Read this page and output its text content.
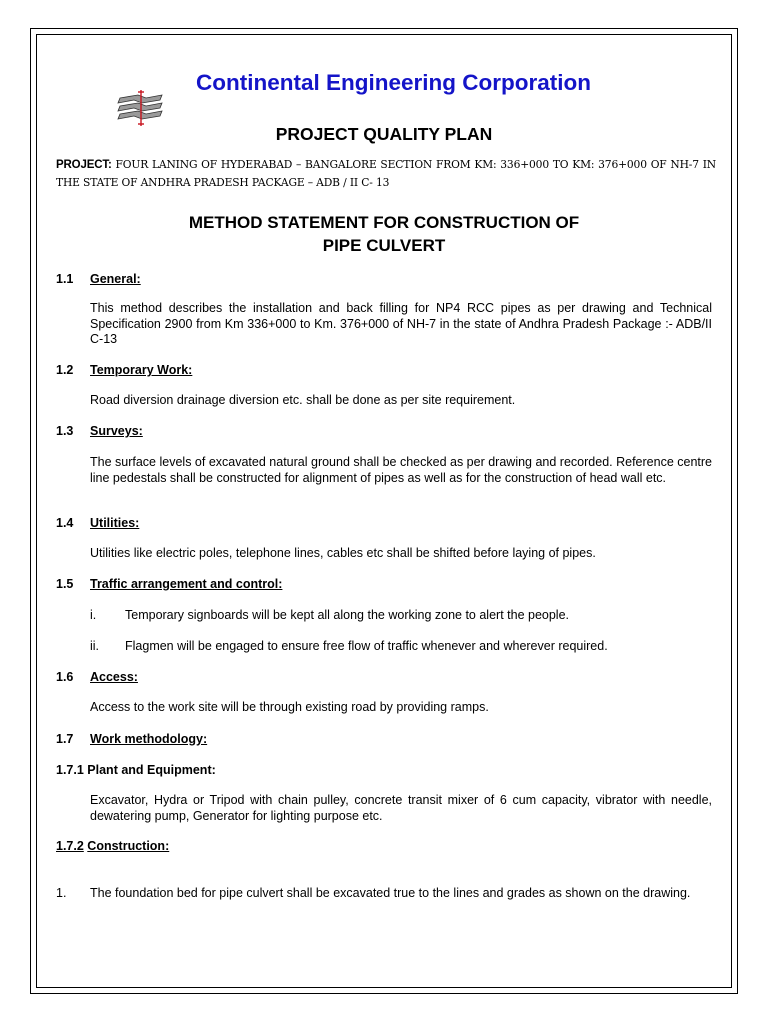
Continental Engineering Corporation
PROJECT QUALITY PLAN
PROJECT: FOUR LANING OF HYDERABAD – BANGALORE SECTION FROM KM: 336+000 TO KM: 376+000 OF NH-7 IN THE STATE OF ANDHRA PRADESH PACKAGE – ADB / II C- 13
METHOD STATEMENT FOR CONSTRUCTION OF
PIPE CULVERT
1.1 General:
This method describes the installation and back filling for NP4 RCC pipes as per drawing and Technical Specification 2900 from Km 336+000 to Km. 376+000 of NH-7 in the state of Andhra Pradesh Package :- ADB/II C-13
1.2 Temporary Work:
Road diversion drainage diversion etc. shall be done as per site requirement.
1.3 Surveys:
The surface levels of excavated natural ground shall be checked as per drawing and recorded. Reference centre line pedestals shall be constructed for alignment of pipes as well as for the construction of head wall etc.
1.4 Utilities:
Utilities like electric poles, telephone lines, cables etc shall be shifted before laying of pipes.
1.5 Traffic arrangement and control:
i. Temporary signboards will be kept all along the working zone to alert the people.
ii. Flagmen will be engaged to ensure free flow of traffic whenever and wherever required.
1.6 Access:
Access to the work site will be through existing road by providing ramps.
1.7 Work methodology:
1.7.1 Plant and Equipment:
Excavator, Hydra or Tripod with chain pulley, concrete transit mixer of 6 cum capacity, vibrator with needle, dewatering pump, Generator for lighting purpose etc.
1.7.2 Construction:
1. The foundation bed for pipe culvert shall be excavated true to the lines and grades as shown on the drawing.
